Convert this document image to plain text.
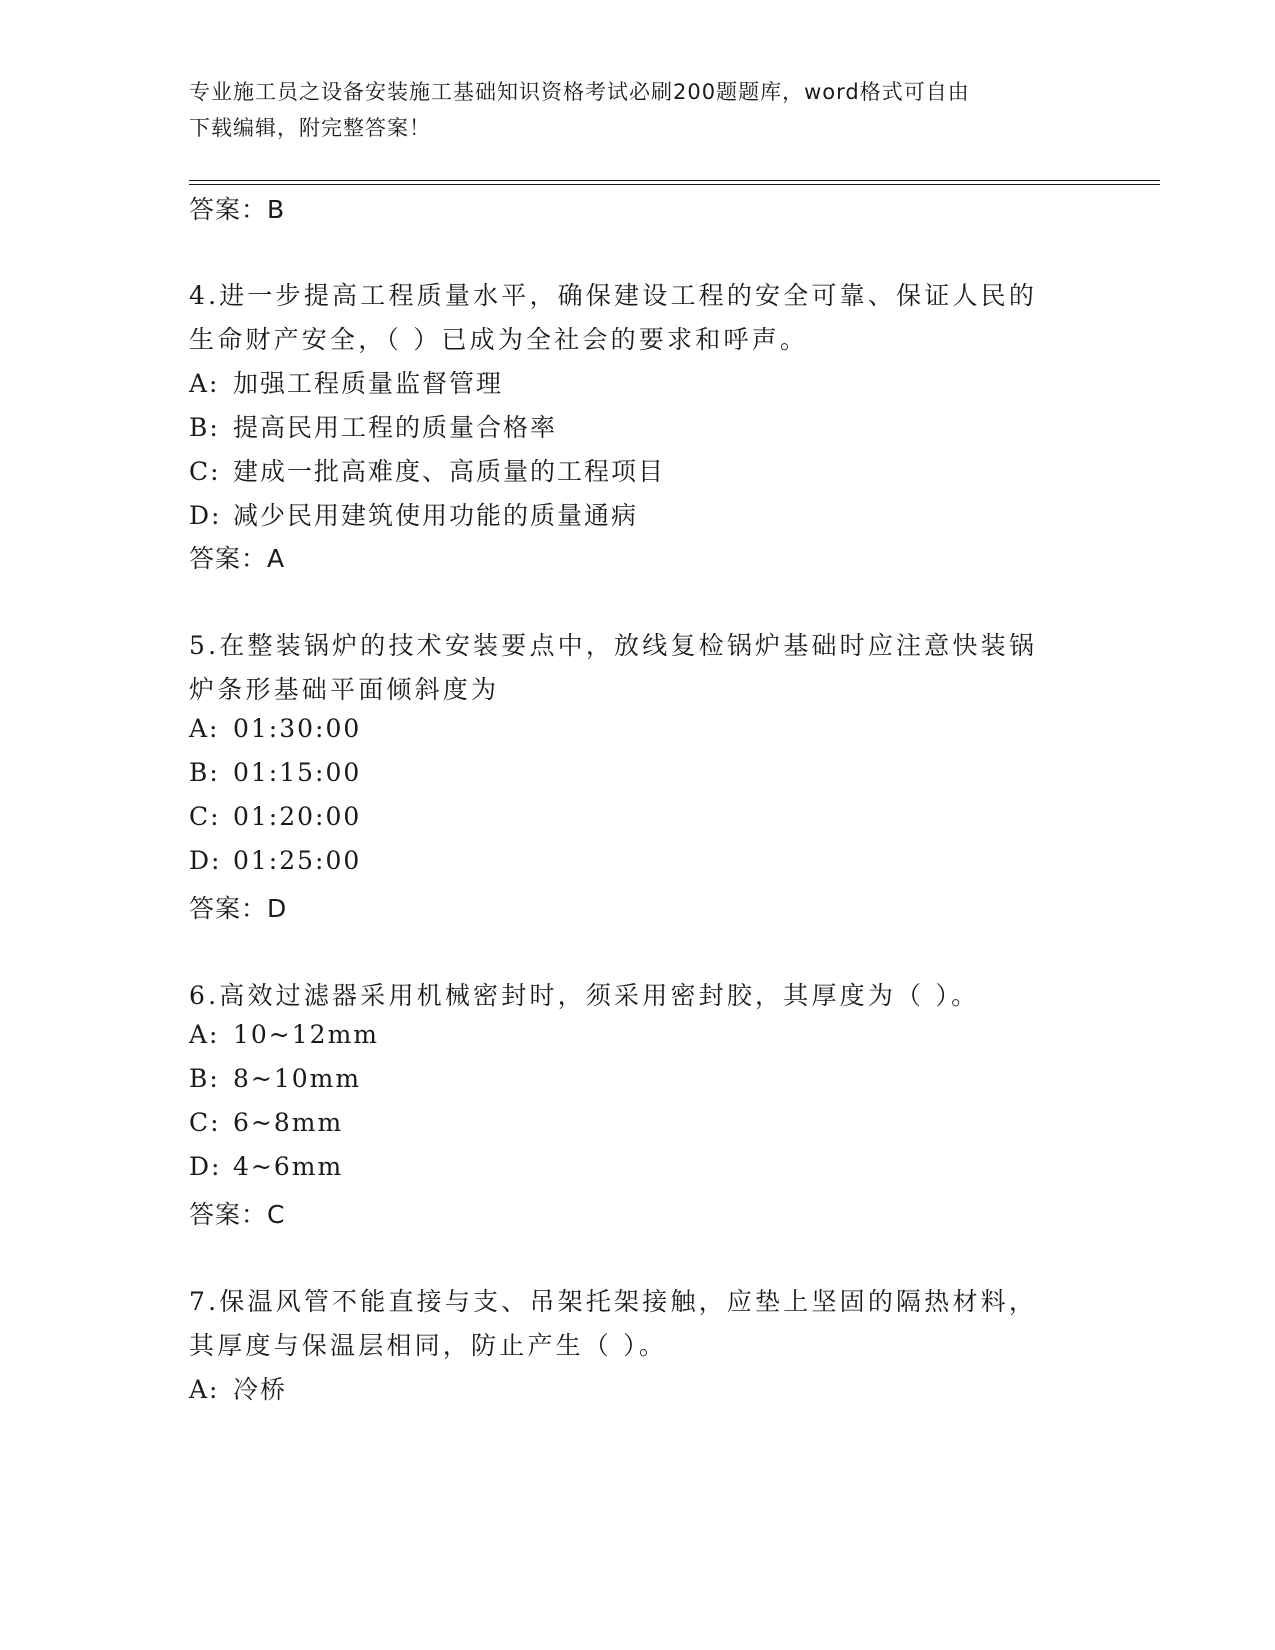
专业施工员之设备安装施工基础知识资格考试必刷200题题库，word格式可自由
下载编辑，附完整答案！
答案：B
4.进一步提高工程质量水平，确保建设工程的安全可靠、保证人民的
生命财产安全，（ ）已成为全社会的要求和呼声。
A: 加强工程质量监督管理
B: 提高民用工程的质量合格率
C: 建成一批高难度、高质量的工程项目
D: 减少民用建筑使用功能的质量通病
答案：A
5.在整装锅炉的技术安装要点中，放线复检锅炉基础时应注意快装锅
炉条形基础平面倾斜度为
A: 01:30:00
B: 01:15:00
C: 01:20:00
D: 01:25:00
答案：D
6.高效过滤器采用机械密封时，须采用密封胶，其厚度为（ ）。
A: 10~12mm
B: 8~10mm
C: 6~8mm
D: 4~6mm
答案：C
7.保温风管不能直接与支、吊架托架接触，应垫上坚固的隔热材料，
其厚度与保温层相同，防止产生（ ）。
A: 冷桥
